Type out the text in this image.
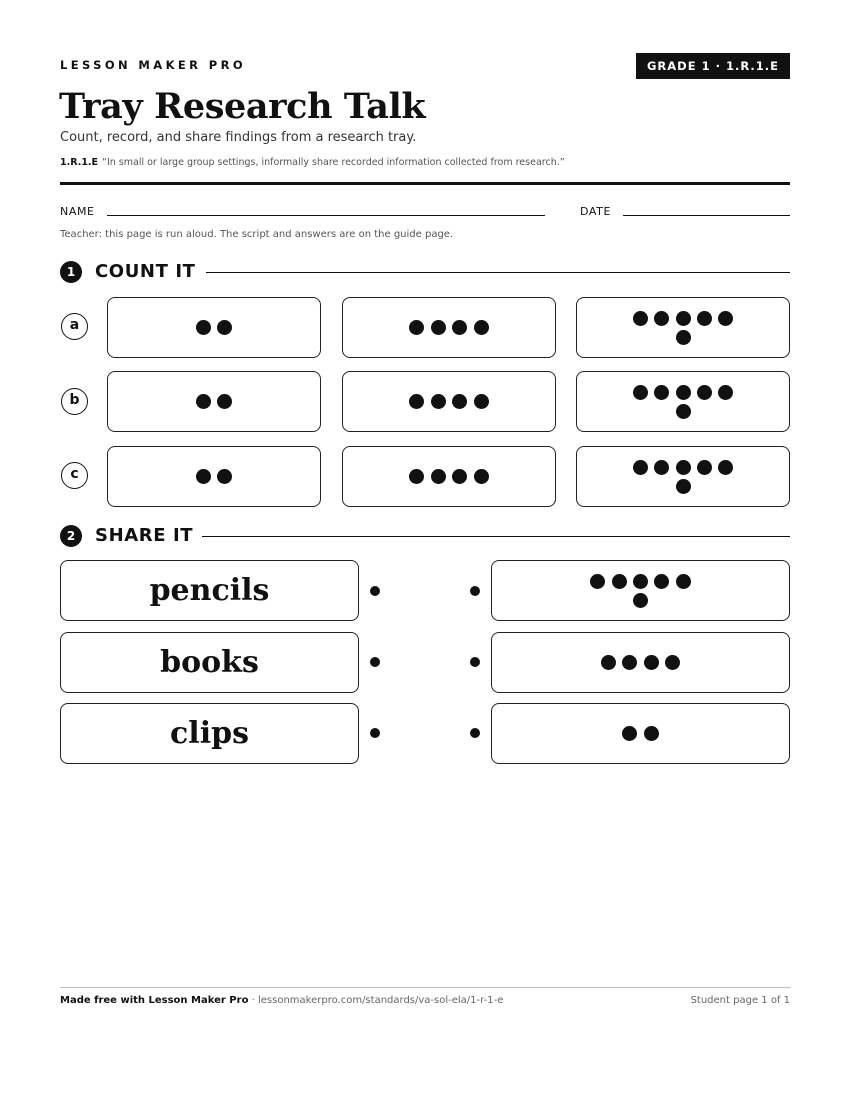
LESSON MAKER PRO	GRADE 1 · 1.R.1.E
Tray Research Talk
Count, record, and share findings from a research tray.
1.R.1.E “In small or large group settings, informally share recorded information collected from research.”
NAME	DATE
Teacher: this page is run aloud. The script and answers are on the guide page.
1	COUNT IT
a
b
c
2	SHARE IT
pencils
books
clips
Made free with Lesson Maker Pro · lessonmakerpro.com/standards/va-sol-ela/1-r-1-e	Student page 1 of 1
